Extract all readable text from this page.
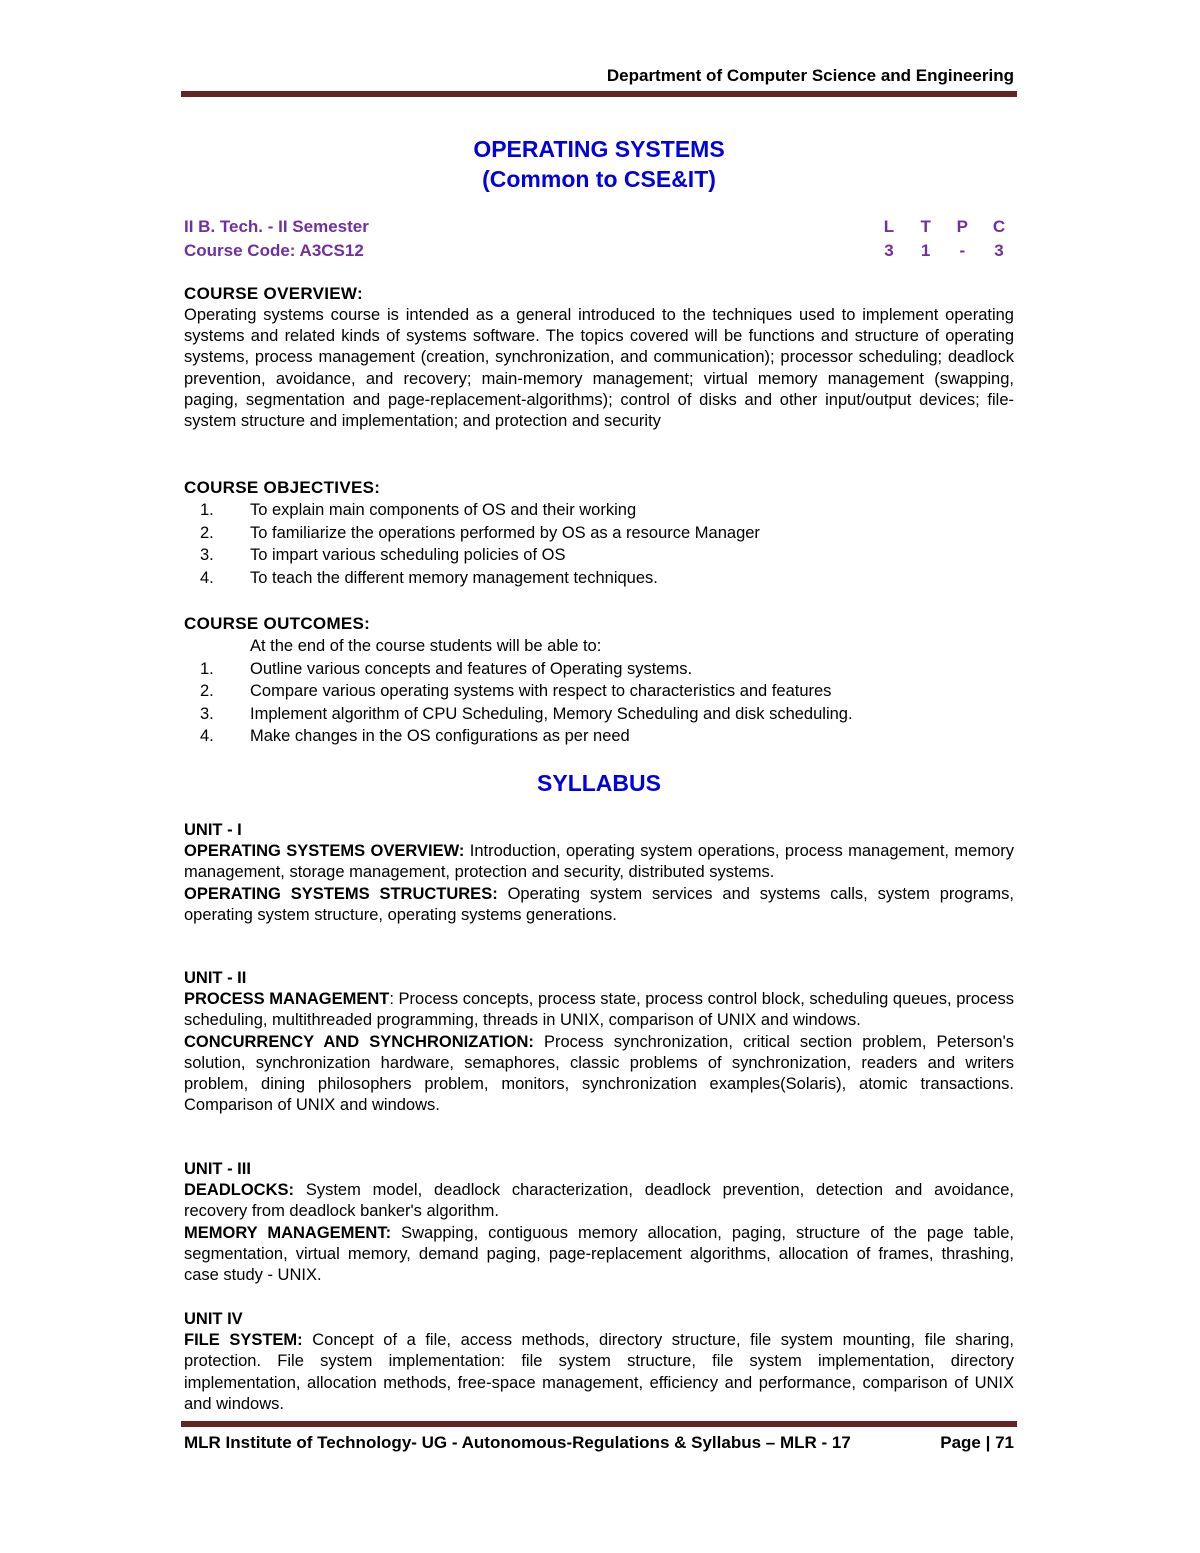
Department of Computer Science and Engineering
OPERATING SYSTEMS
(Common to CSE&IT)
II B. Tech. - II Semester	L T P C
Course Code: A3CS12	3	1	-	3
COURSE OVERVIEW:
Operating systems course is intended as a general introduced to the techniques used to implement operating systems and related kinds of systems software. The topics covered will be functions and structure of operating systems, process management (creation, synchronization, and communication); processor scheduling; deadlock prevention, avoidance, and recovery; main-memory management; virtual memory management (swapping, paging, segmentation and page-replacement-algorithms); control of disks and other input/output devices; file-system structure and implementation; and protection and security
COURSE OBJECTIVES:
1.	To explain main components of OS and their working
2.	To familiarize the operations performed by OS as a resource Manager
3.	To impart various scheduling policies of OS
4.	To teach the different memory management techniques.
COURSE OUTCOMES:
At the end of the course students will be able to:
1.	Outline various concepts and features of Operating systems.
2.	Compare various operating systems with respect to characteristics and features
3.	Implement algorithm of CPU Scheduling, Memory Scheduling and disk scheduling.
4.	Make changes in the OS configurations as per need
SYLLABUS
UNIT - I
OPERATING SYSTEMS OVERVIEW: Introduction, operating system operations, process management, memory management, storage management, protection and security, distributed systems.
OPERATING SYSTEMS STRUCTURES: Operating system services and systems calls, system programs, operating system structure, operating systems generations.
UNIT - II
PROCESS MANAGEMENT: Process concepts, process state, process control block, scheduling queues, process scheduling, multithreaded programming, threads in UNIX, comparison of UNIX and windows.
CONCURRENCY AND SYNCHRONIZATION: Process synchronization, critical section problem, Peterson's solution, synchronization hardware, semaphores, classic problems of synchronization, readers and writers problem, dining philosophers problem, monitors, synchronization examples(Solaris), atomic transactions. Comparison of UNIX and windows.
UNIT - III
DEADLOCKS: System model, deadlock characterization, deadlock prevention, detection and avoidance, recovery from deadlock banker's algorithm.
MEMORY MANAGEMENT: Swapping, contiguous memory allocation, paging, structure of the page table, segmentation, virtual memory, demand paging, page-replacement algorithms, allocation of frames, thrashing, case study - UNIX.
UNIT IV
FILE SYSTEM: Concept of a file, access methods, directory structure, file system mounting, file sharing, protection. File system implementation: file system structure, file system implementation, directory implementation, allocation methods, free-space management, efficiency and performance, comparison of UNIX and windows.
MLR Institute of Technology- UG - Autonomous-Regulations & Syllabus – MLR - 17	Page | 71
